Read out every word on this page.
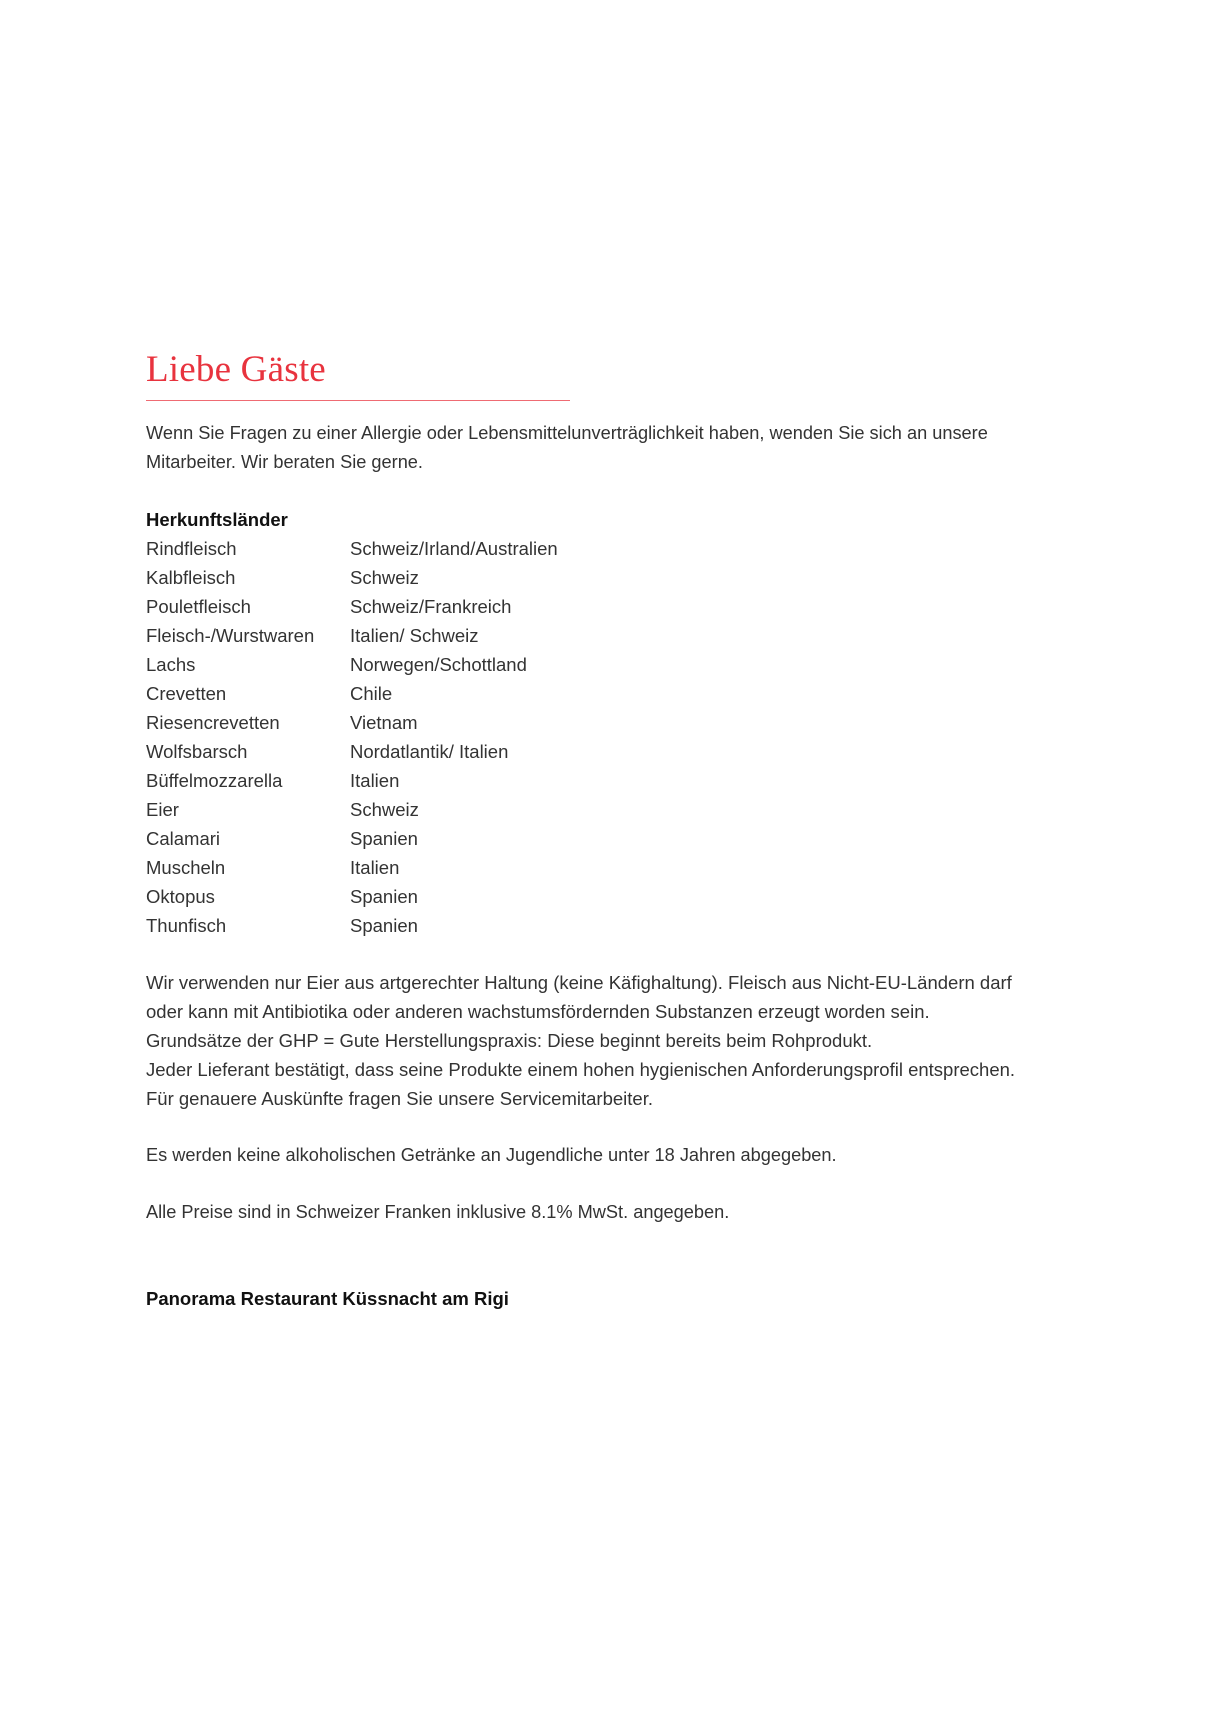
Liebe Gäste

Wenn Sie Fragen zu einer Allergie oder Lebensmittelunverträglichkeit haben, wenden Sie sich an unsere
Mitarbeiter. Wir beraten Sie gerne.

Herkunftsländer
Rindfleisch	Schweiz/Irland/Australien
Kalbfleisch	Schweiz
Pouletfleisch	Schweiz/Frankreich
Fleisch-/Wurstwaren	Italien/ Schweiz
Lachs	Norwegen/Schottland
Crevetten	Chile
Riesencrevetten	Vietnam
Wolfsbarsch	Nordatlantik/ Italien
Büffelmozzarella	Italien
Eier	Schweiz
Calamari	Spanien
Muscheln	Italien
Oktopus	Spanien
Thunfisch	Spanien
Wir verwenden nur Eier aus artgerechter Haltung (keine Käfighaltung). Fleisch aus Nicht-EU-Ländern darf
oder kann mit Antibiotika oder anderen wachstumsfördernden Substanzen erzeugt worden sein.
Grundsätze der GHP = Gute Herstellungspraxis: Diese beginnt bereits beim Rohprodukt.
Jeder Lieferant bestätigt, dass seine Produkte einem hohen hygienischen Anforderungsprofil entsprechen.
Für genauere Auskünfte fragen Sie unsere Servicemitarbeiter.

Es werden keine alkoholischen Getränke an Jugendliche unter 18 Jahren abgegeben.

Alle Preise sind in Schweizer Franken inklusive 8.1% MwSt. angegeben.

Panorama Restaurant Küssnacht am Rigi
